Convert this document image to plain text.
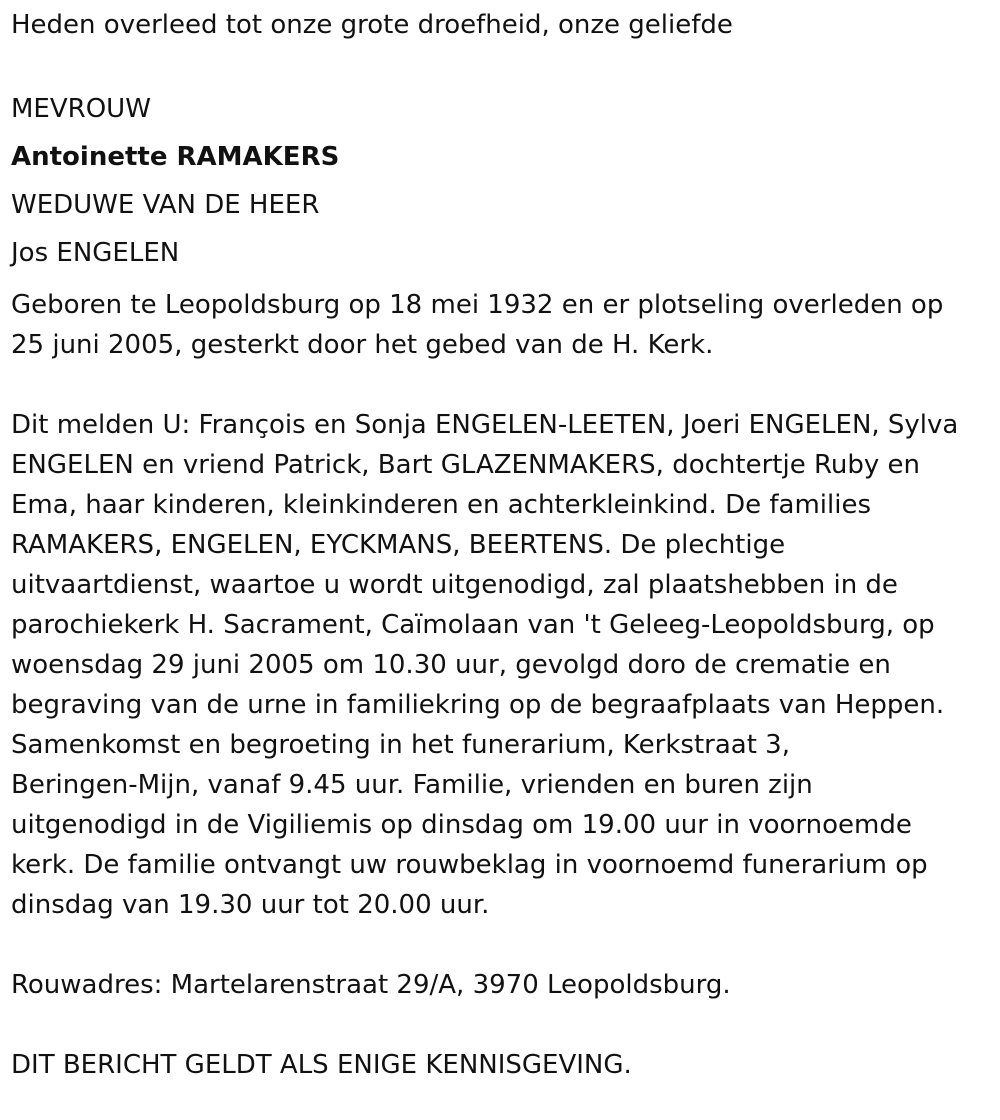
Heden overleed tot onze grote droefheid, onze geliefde
MEVROUW
Antoinette RAMAKERS
WEDUWE VAN DE HEER
Jos ENGELEN
Geboren te Leopoldsburg op 18 mei 1932 en er plotseling overleden op
25 juni 2005, gesterkt door het gebed van de H. Kerk.
Dit melden U: François en Sonja ENGELEN-LEETEN, Joeri ENGELEN, Sylva
ENGELEN en vriend Patrick, Bart GLAZENMAKERS, dochtertje Ruby en
Ema, haar kinderen, kleinkinderen en achterkleinkind. De families
RAMAKERS, ENGELEN, EYCKMANS, BEERTENS. De plechtige
uitvaartdienst, waartoe u wordt uitgenodigd, zal plaatshebben in de
parochiekerk H. Sacrament, Caïmolaan van 't Geleeg-Leopoldsburg, op
woensdag 29 juni 2005 om 10.30 uur, gevolgd doro de crematie en
begraving van de urne in familiekring op de begraafplaats van Heppen.
Samenkomst en begroeting in het funerarium, Kerkstraat 3,
Beringen-Mijn, vanaf 9.45 uur. Familie, vrienden en buren zijn
uitgenodigd in de Vigiliemis op dinsdag om 19.00 uur in voornoemde
kerk. De familie ontvangt uw rouwbeklag in voornoemd funerarium op
dinsdag van 19.30 uur tot 20.00 uur.
Rouwadres: Martelarenstraat 29/A, 3970 Leopoldsburg.
DIT BERICHT GELDT ALS ENIGE KENNISGEVING.
